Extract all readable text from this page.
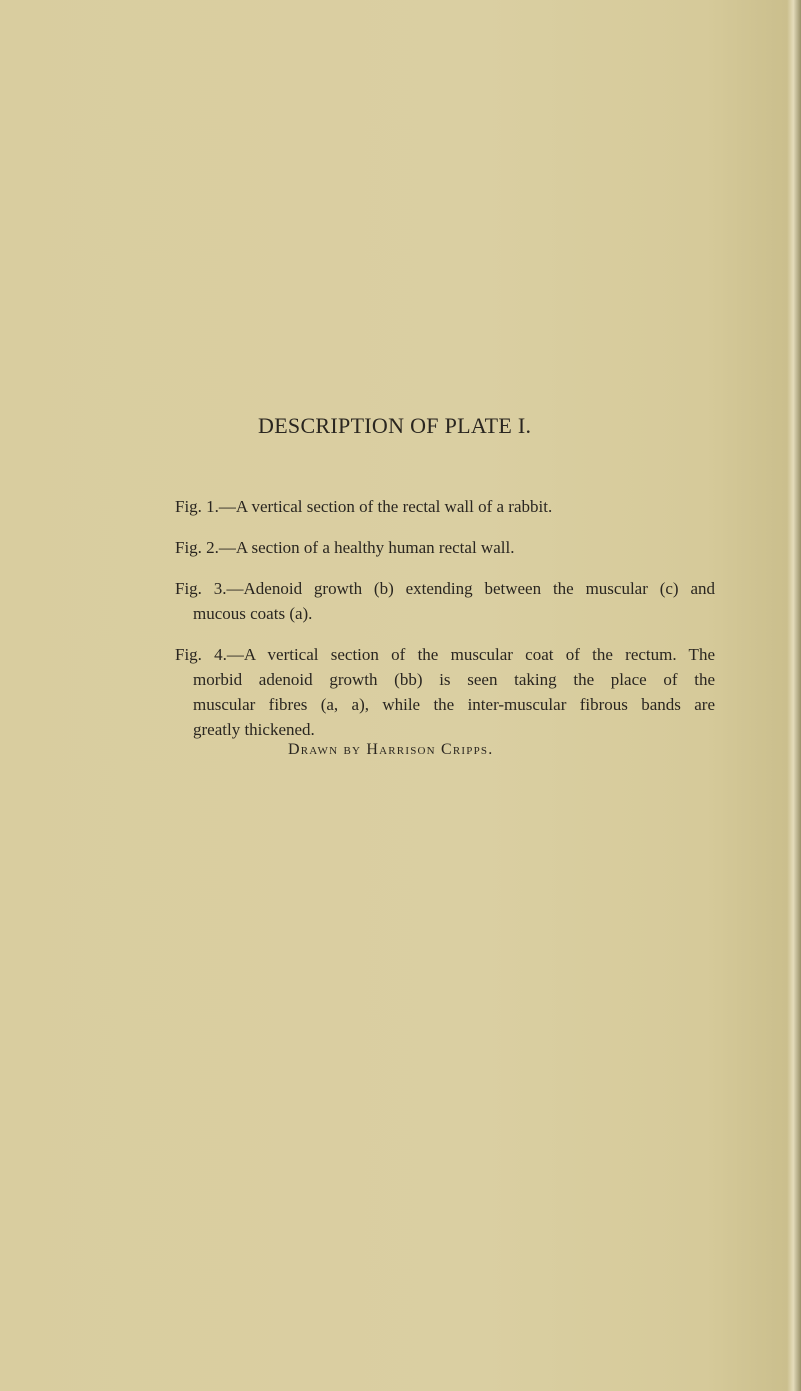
DESCRIPTION OF PLATE I.
Fig. 1.—A vertical section of the rectal wall of a rabbit.
Fig. 2.—A section of a healthy human rectal wall.
Fig. 3.—Adenoid growth (b) extending between the muscular (c) and
mucous coats (a).
Fig. 4.—A vertical section of the muscular coat of the rectum. The
morbid adenoid growth (bb) is seen taking the place of the
muscular fibres (a, a), while the inter-muscular fibrous bands are
greatly thickened.

Drawn by Harrison Cripps.
